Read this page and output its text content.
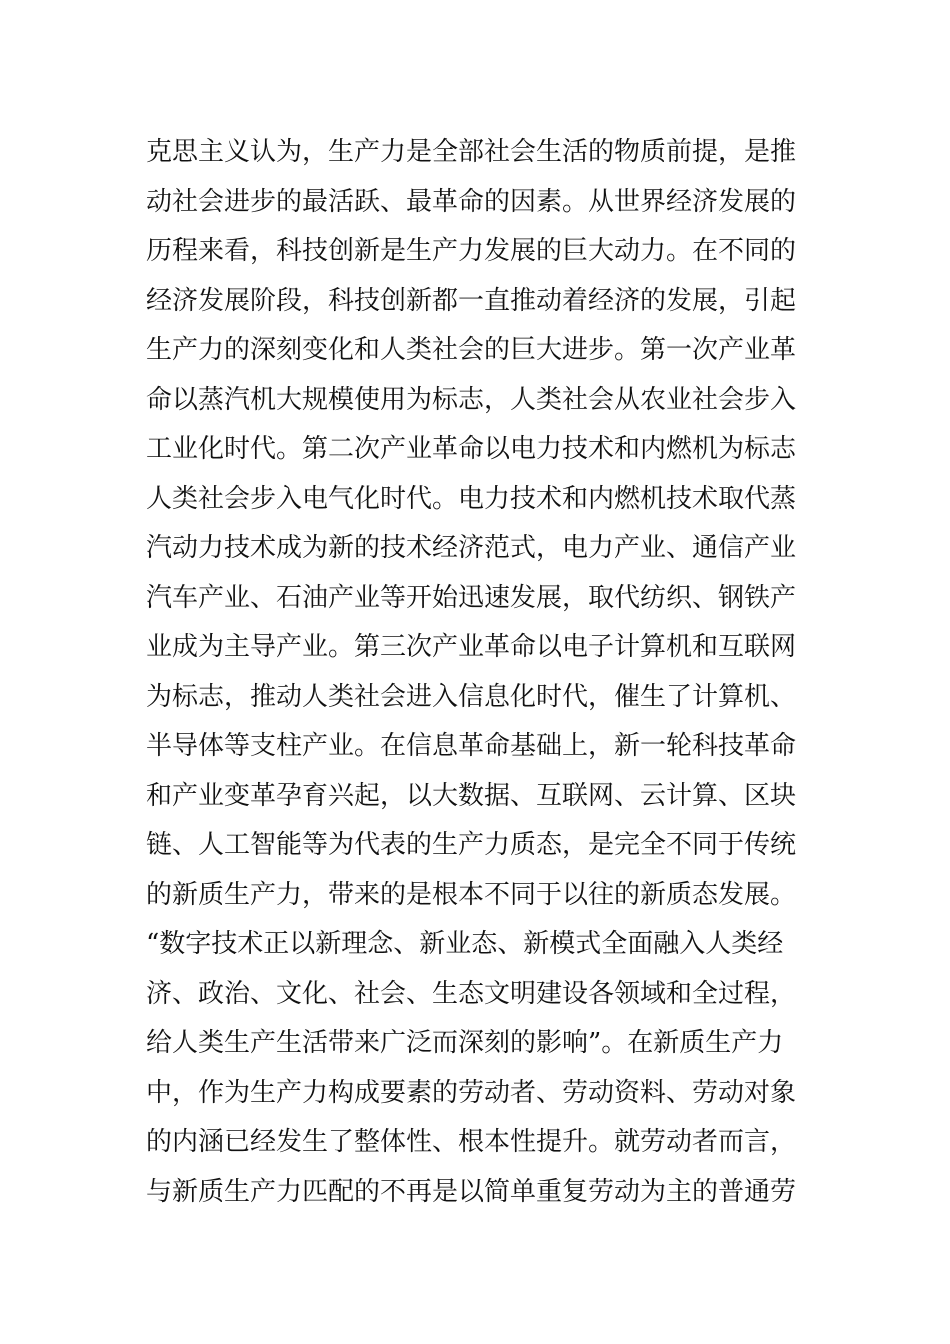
克思主义认为，生产力是全部社会生活的物质前提，是推
动社会进步的最活跃、最革命的因素。从世界经济发展的
历程来看，科技创新是生产力发展的巨大动力。在不同的
经济发展阶段，科技创新都一直推动着经济的发展，引起
生产力的深刻变化和人类社会的巨大进步。第一次产业革
命以蒸汽机大规模使用为标志，人类社会从农业社会步入
工业化时代。第二次产业革命以电力技术和内燃机为标志
人类社会步入电气化时代。电力技术和内燃机技术取代蒸
汽动力技术成为新的技术经济范式，电力产业、通信产业
汽车产业、石油产业等开始迅速发展，取代纺织、钢铁产
业成为主导产业。第三次产业革命以电子计算机和互联网
为标志，推动人类社会进入信息化时代，催生了计算机、
半导体等支柱产业。在信息革命基础上，新一轮科技革命
和产业变革孕育兴起，以大数据、互联网、云计算、区块
链、人工智能等为代表的生产力质态，是完全不同于传统
的新质生产力，带来的是根本不同于以往的新质态发展。
“数字技术正以新理念、新业态、新模式全面融入人类经
济、政治、文化、社会、生态文明建设各领域和全过程，
给人类生产生活带来广泛而深刻的影响”。在新质生产力
中，作为生产力构成要素的劳动者、劳动资料、劳动对象
的内涵已经发生了整体性、根本性提升。就劳动者而言，
与新质生产力匹配的不再是以简单重复劳动为主的普通劳
